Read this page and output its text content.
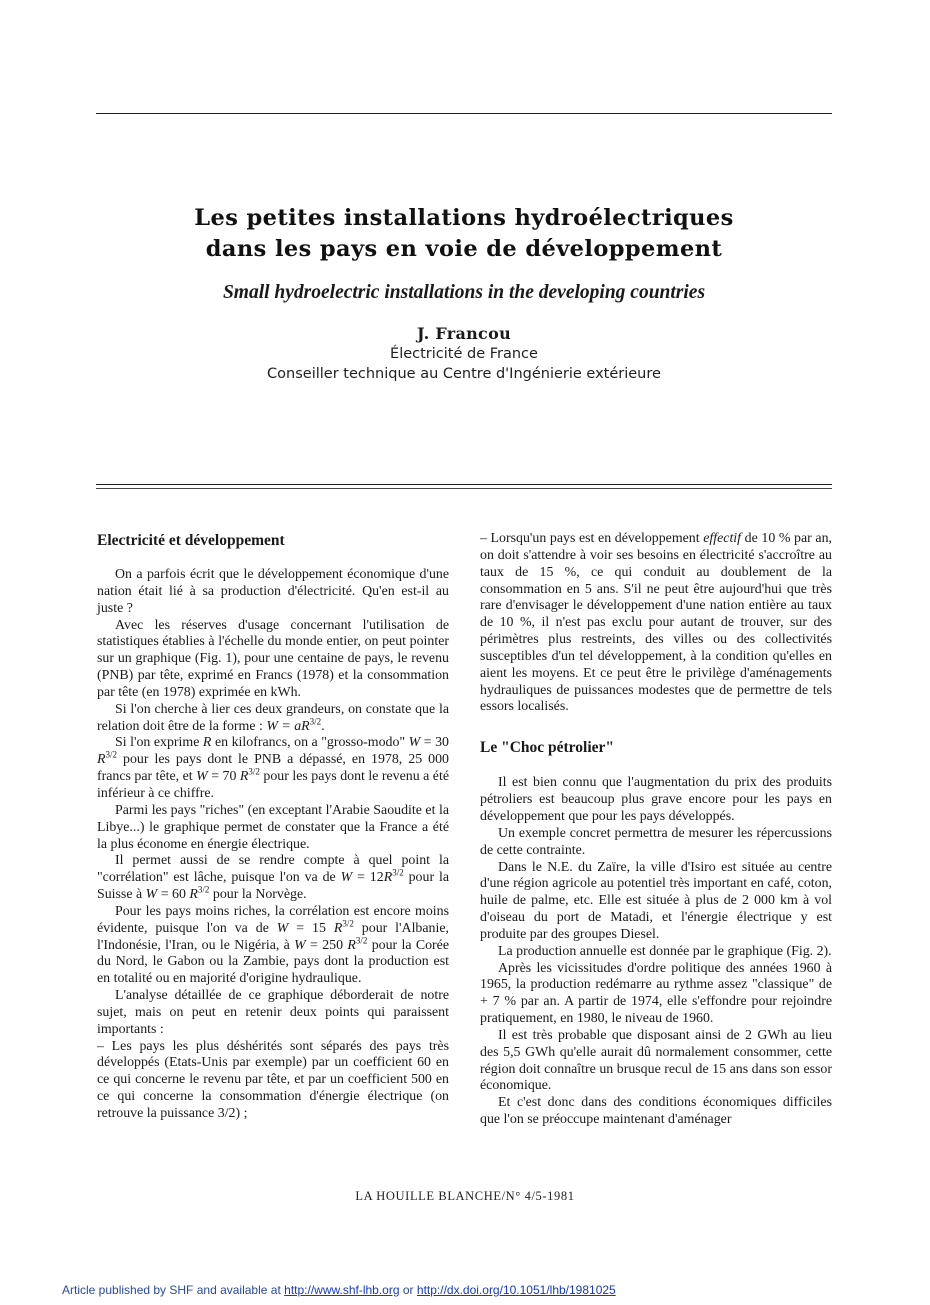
Les petites installations hydroélectriques
dans les pays en voie de développement
Small hydroelectric installations in the developing countries
J. Francou
Électricité de France
Conseiller technique au Centre d'Ingénierie extérieure
Electricité et développement

On a parfois écrit que le développement économique d'une nation était lié à sa production d'électricité. Qu'en est-il au juste ?

Avec les réserves d'usage concernant l'utilisation de statistiques établies à l'échelle du monde entier, on peut pointer sur un graphique (Fig. 1), pour une centaine de pays, le revenu (PNB) par tête, exprimé en Francs (1978) et la consommation par tête (en 1978) exprimée en kWh.

Si l'on cherche à lier ces deux grandeurs, on constate que la relation doit être de la forme : $W = aR^{3/2}$.

Si l'on exprime R en kilofrancs, on a "grosso-modo" W = 30 $R^{3/2}$ pour les pays dont le PNB a dépassé, en 1978, 25 000 francs par tête, et W = 70 $R^{3/2}$ pour les pays dont le revenu a été inférieur à ce chiffre.

Parmi les pays "riches" (en exceptant l'Arabie Saoudite et la Libye...) le graphique permet de constater que la France a été la plus économe en énergie électrique.

Il permet aussi de se rendre compte à quel point la "corrélation" est lâche, puisque l'on va de $W = 12R^{3/2}$ pour la Suisse à W = 60 $R^{3/2}$ pour la Norvège.

Pour les pays moins riches, la corrélation est encore moins évidente, puisque l'on va de W = 15 $R^{3/2}$ pour l'Albanie, l'Indonésie, l'Iran, ou le Nigéria, à W = 250 $R^{3/2}$ pour la Corée du Nord, le Gabon ou la Zambie, pays dont la production est en totalité ou en majorité d'origine hydraulique.

L'analyse détaillée de ce graphique déborderait de notre sujet, mais on peut en retenir deux points qui paraissent importants :

– Les pays les plus déshérités sont séparés des pays très développés (Etats-Unis par exemple) par un coefficient 60 en ce qui concerne le revenu par tête, et par un coefficient 500 en ce qui concerne la consommation d'énergie électrique (on retrouve la puissance 3/2) ;

– Lorsqu'un pays est en développement effectif de 10 % par an, on doit s'attendre à voir ses besoins en électricité s'accroître au taux de 15 %, ce qui conduit au doublement de la consommation en 5 ans. S'il ne peut être aujourd'hui que très rare d'envisager le développement d'une nation entière au taux de 10 %, il n'est pas exclu pour autant de trouver, sur des périmètres plus restreints, des villes ou des collectivités susceptibles d'un tel développement, à la condition qu'elles en aient les moyens. Et ce peut être le privilège d'aménagements hydrauliques de puissances modestes que de permettre de tels essors localisés.

Le "Choc pétrolier"

Il est bien connu que l'augmentation du prix des produits pétroliers est beaucoup plus grave encore pour les pays en développement que pour les pays développés.

Un exemple concret permettra de mesurer les répercussions de cette contrainte.

Dans le N.E. du Zaïre, la ville d'Isiro est située au centre d'une région agricole au potentiel très important en café, coton, huile de palme, etc. Elle est située à plus de 2 000 km à vol d'oiseau du port de Matadi, et l'énergie électrique y est produite par des groupes Diesel.

La production annuelle est donnée par le graphique (Fig. 2).

Après les vicissitudes d'ordre politique des années 1960 à 1965, la production redémarre au rythme assez "classique" de + 7 % par an. A partir de 1974, elle s'effondre pour rejoindre pratiquement, en 1980, le niveau de 1960.

Il est très probable que disposant ainsi de 2 GWh au lieu des 5,5 GWh qu'elle aurait dû normalement consommer, cette région doit connaître un brusque recul de 15 ans dans son essor économique.

Et c'est donc dans des conditions économiques difficiles que l'on se préoccupe maintenant d'aménager

LA HOUILLE BLANCHE/N° 4/5-1981
Article published by SHF and available at http://www.shf-lhb.org or http://dx.doi.org/10.1051/lhb/1981025
